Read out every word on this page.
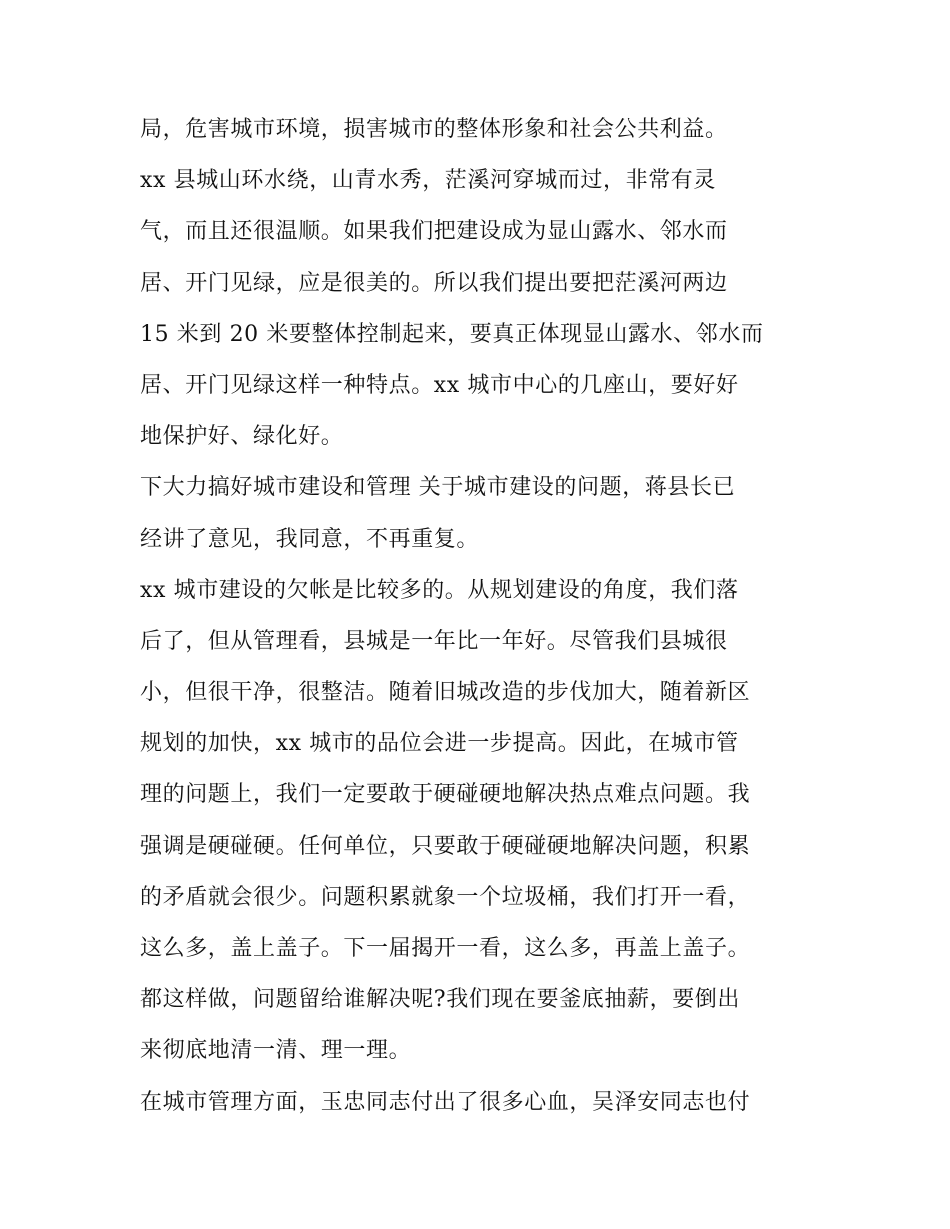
局，危害城市环境，损害城市的整体形象和社会公共利益。
xx 县城山环水绕，山青水秀，茫溪河穿城而过，非常有灵
气，而且还很温顺。如果我们把建设成为显山露水、邻水而
居、开门见绿，应是很美的。所以我们提出要把茫溪河两边
15 米到 20 米要整体控制起来，要真正体现显山露水、邻水而
居、开门见绿这样一种特点。xx 城市中心的几座山，要好好
地保护好、绿化好。
下大力搞好城市建设和管理 关于城市建设的问题，蒋县长已
经讲了意见，我同意，不再重复。
xx 城市建设的欠帐是比较多的。从规划建设的角度，我们落
后了，但从管理看，县城是一年比一年好。尽管我们县城很
小，但很干净，很整洁。随着旧城改造的步伐加大，随着新区
规划的加快，xx 城市的品位会进一步提高。因此，在城市管
理的问题上，我们一定要敢于硬碰硬地解决热点难点问题。我
强调是硬碰硬。任何单位，只要敢于硬碰硬地解决问题，积累
的矛盾就会很少。问题积累就象一个垃圾桶，我们打开一看，
这么多，盖上盖子。下一届揭开一看，这么多，再盖上盖子。
都这样做，问题留给谁解决呢?我们现在要釜底抽薪，要倒出
来彻底地清一清、理一理。
在城市管理方面，玉忠同志付出了很多心血，吴泽安同志也付
